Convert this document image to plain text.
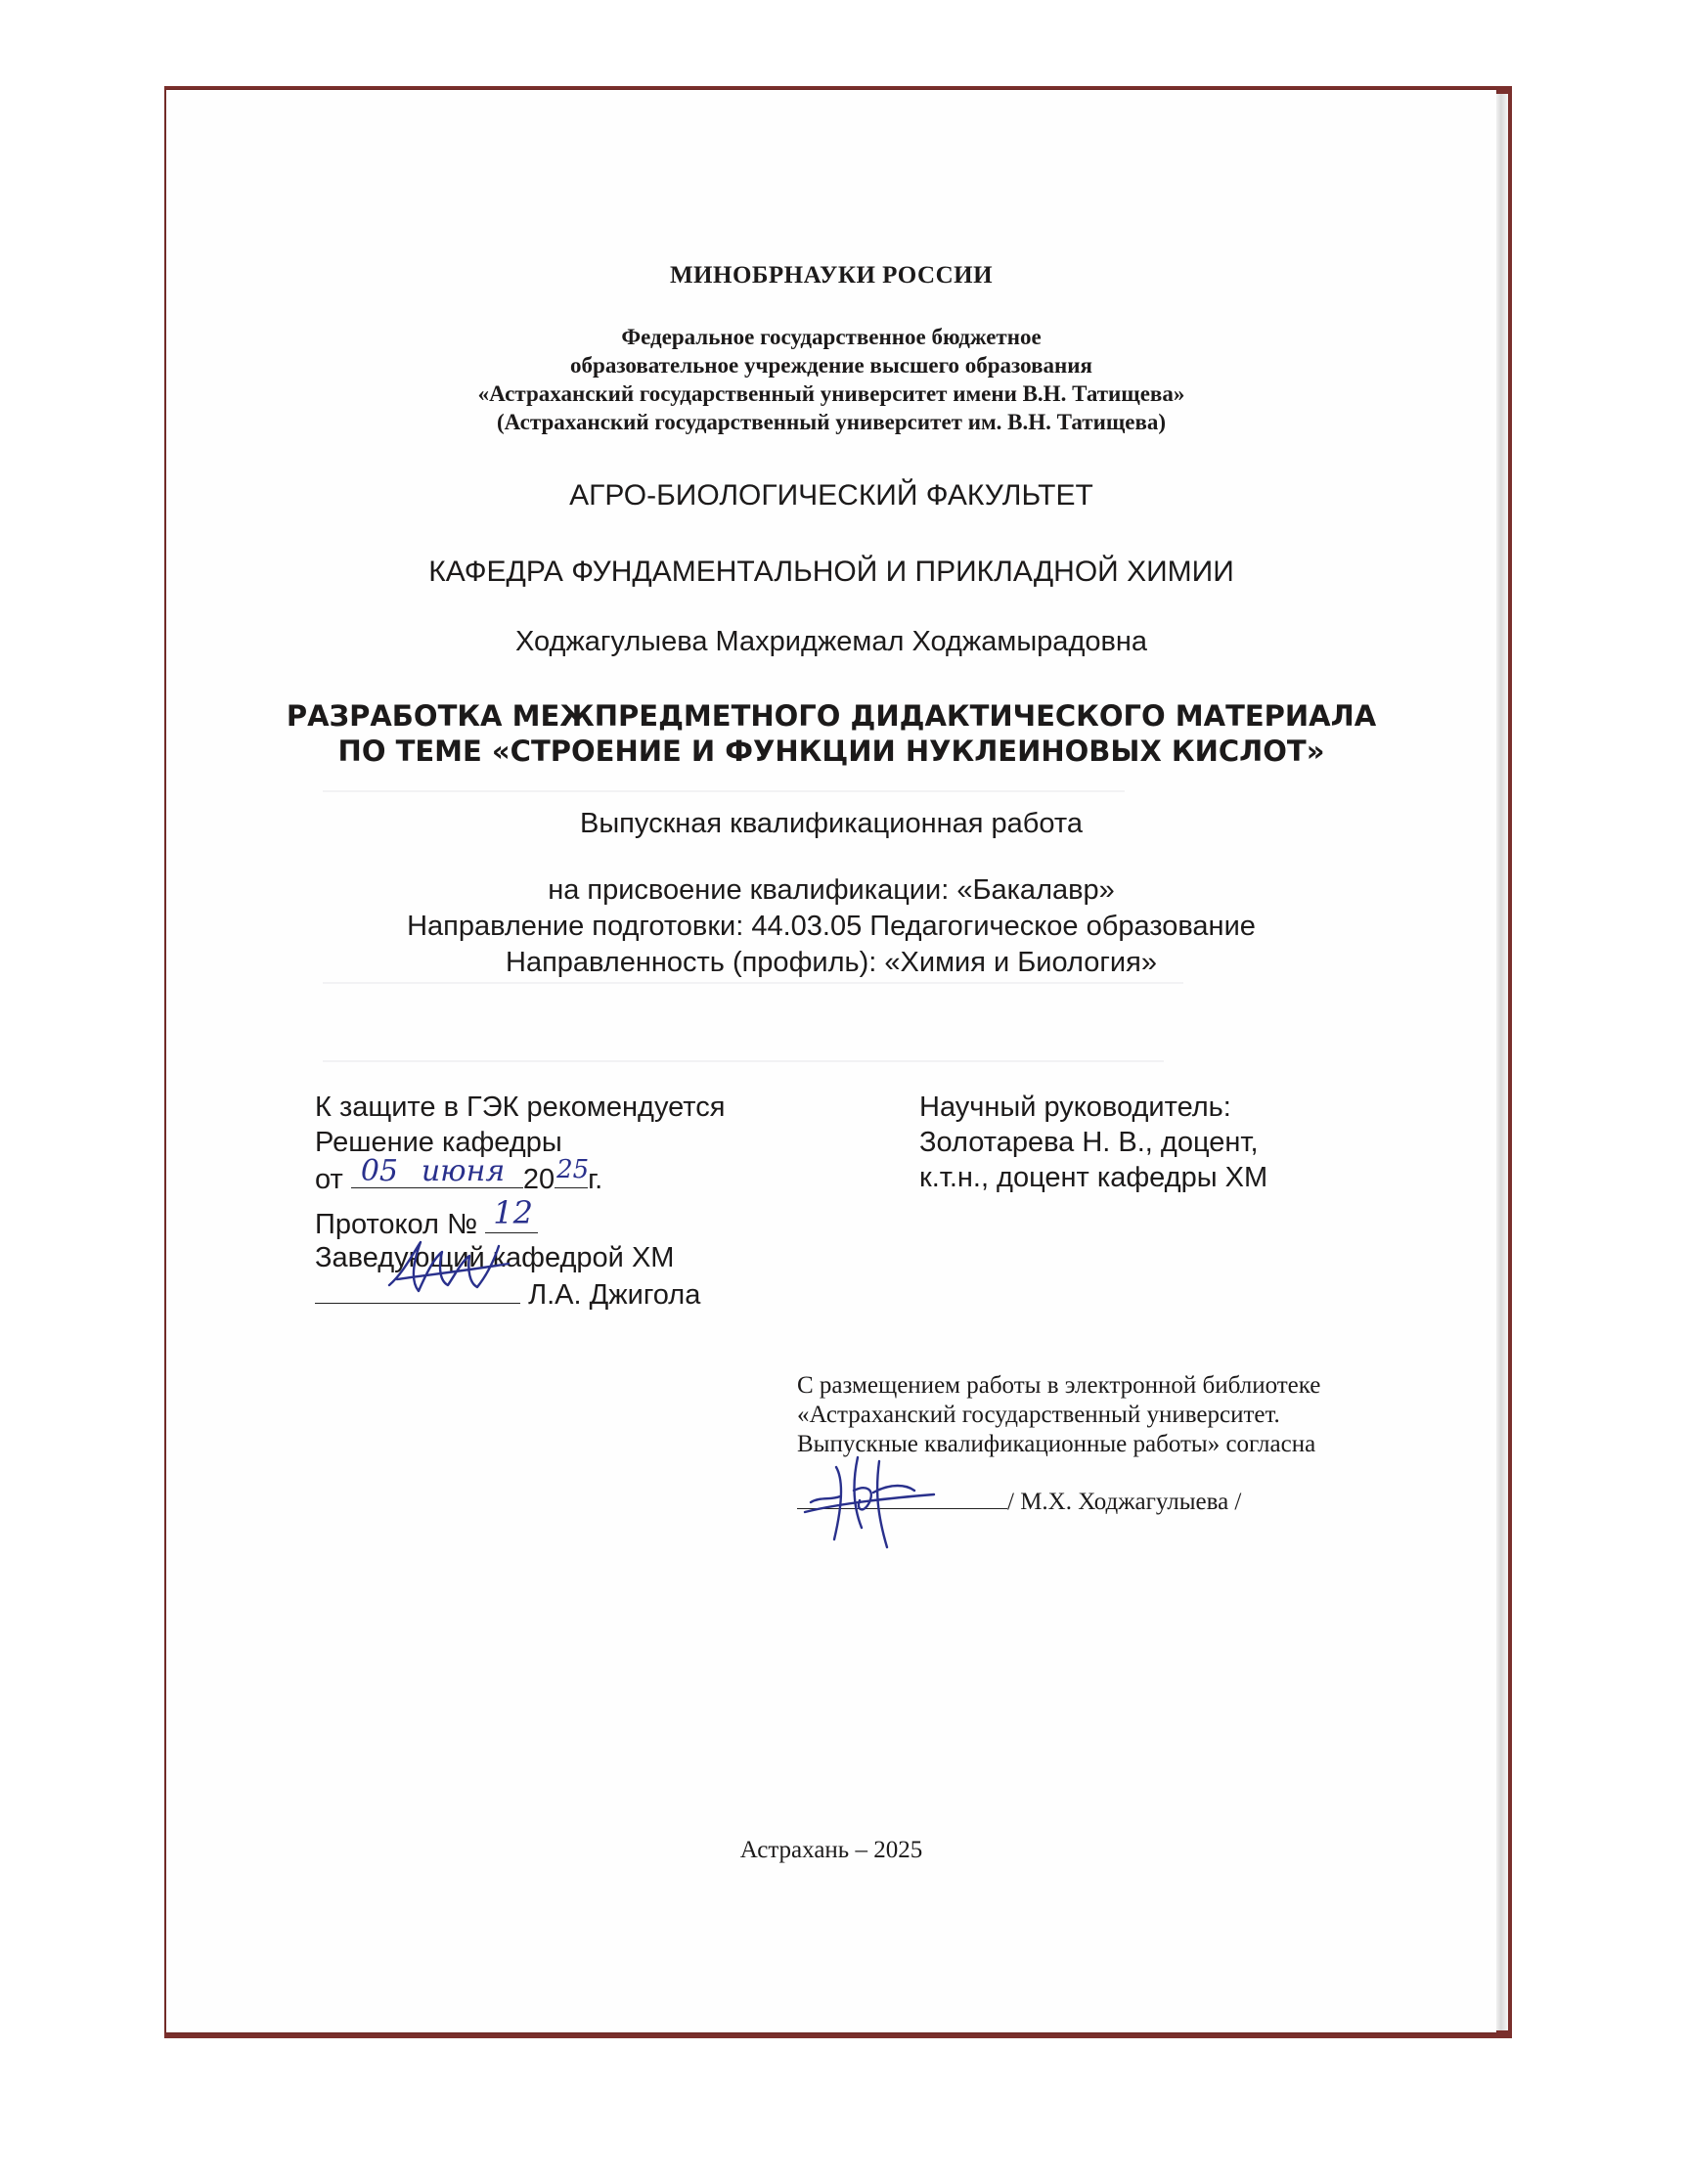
МИНОБРНАУКИ РОССИИ
Федеральное государственное бюджетное
образовательное учреждение высшего образования
«Астраханский государственный университет имени В.Н. Татищева»
(Астраханский государственный университет им. В.Н. Татищева)
АГРО-БИОЛОГИЧЕСКИЙ ФАКУЛЬТЕТ
КАФЕДРА ФУНДАМЕНТАЛЬНОЙ И ПРИКЛАДНОЙ ХИМИИ
Ходжагулыева Махриджемал Ходжамырадовна
РАЗРАБОТКА МЕЖПРЕДМЕТНОГО ДИДАКТИЧЕСКОГО МАТЕРИАЛА
ПО ТЕМЕ «СТРОЕНИЕ И ФУНКЦИИ НУКЛЕИНОВЫХ КИСЛОТ»
Выпускная квалификационная работа
на присвоение квалификации: «Бакалавр»
Направление подготовки: 44.03.05 Педагогическое образование
Направленность (профиль): «Химия и Биология»
К защите в ГЭК рекомендуется
Решение кафедры
от 05 июня 20 25
г.
Протокол № 12
Заведующий кафедрой ХМ
Л.А. Джигола
Научный руководитель:
Золотарева Н. В., доцент,
к.т.н., доцент кафедры ХМ
С размещением работы в электронной библиотеке
«Астраханский государственный университет.
Выпускные квалификационные работы» согласна
/ М.Х. Ходжагулыева /
Астрахань – 2025
